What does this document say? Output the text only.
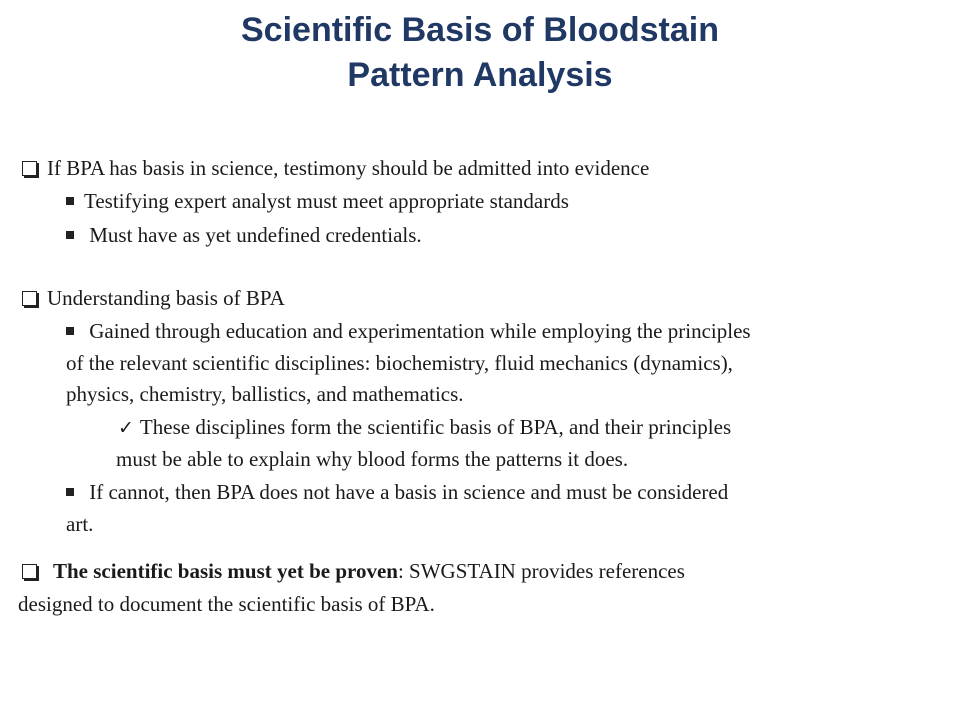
Scientific Basis of Bloodstain
Pattern Analysis
If BPA has basis in science, testimony should be admitted into evidence
Testifying expert analyst must meet appropriate standards
Must have as yet undefined credentials.
Understanding basis of BPA
Gained through education and experimentation while employing the principles
of the relevant scientific disciplines: biochemistry, fluid mechanics (dynamics),
physics, chemistry, ballistics, and mathematics.
✓ These disciplines form the scientific basis of BPA, and their principles
must be able to explain why blood forms the patterns it does.
If cannot, then BPA does not have a basis in science and must be considered
art.
The scientific basis must yet be proven: SWGSTAIN provides references
designed to document the scientific basis of BPA.
